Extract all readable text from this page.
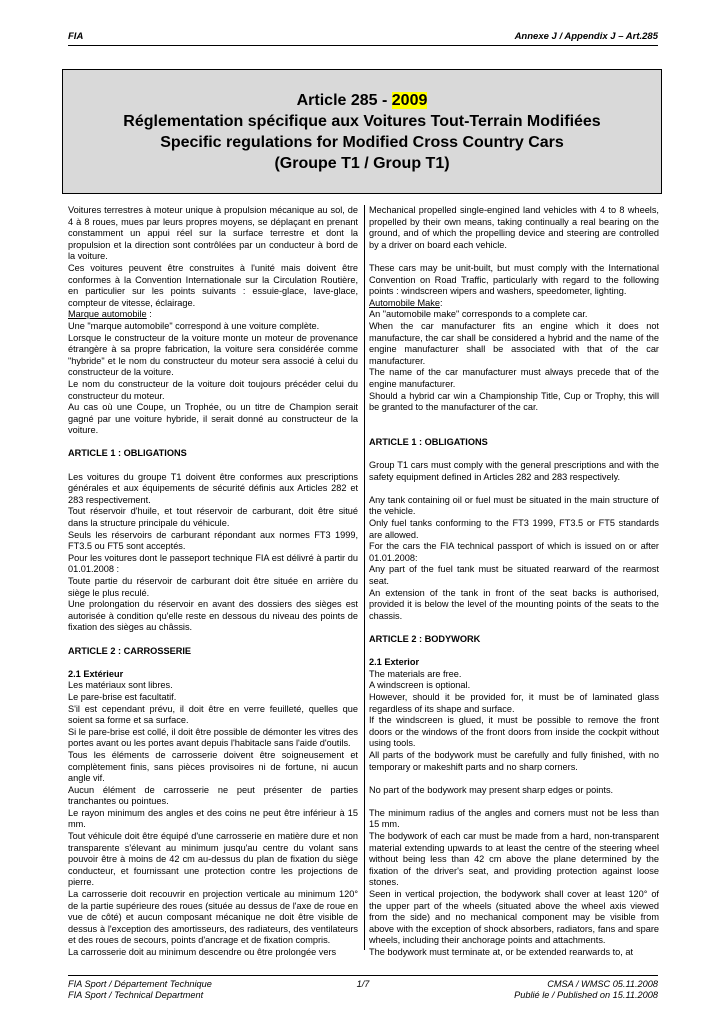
FIA	Annexe J / Appendix J – Art.285
Article 285 - 2009
Réglementation spécifique aux Voitures Tout-Terrain Modifiées
Specific regulations for Modified Cross Country Cars
(Groupe T1 / Group T1)

Voitures terrestres à moteur unique à propulsion mécanique au sol, de 4 à 8 roues, mues par leurs propres moyens, se déplaçant en prenant constamment un appui réel sur la surface terrestre et dont la propulsion et la direction sont contrôlées par un conducteur à bord de la voiture.

Ces voitures peuvent être construites à l'unité mais doivent être conformes à la Convention Internationale sur la Circulation Routière, en particulier sur les points suivants : essuie-glace, lave-glace, compteur de vitesse, éclairage.

Marque automobile :

Une "marque automobile" correspond à une voiture complète.

Lorsque le constructeur de la voiture monte un moteur de provenance étrangère à sa propre fabrication, la voiture sera considérée comme "hybride" et le nom du constructeur du moteur sera associé à celui du constructeur de la voiture.

Le nom du constructeur de la voiture doit toujours précéder celui du constructeur du moteur.

Au cas où une Coupe, un Trophée, ou un titre de Champion serait gagné par une voiture hybride, il serait donné au constructeur de la voiture.

ARTICLE 1 : OBLIGATIONS

Les voitures du groupe T1 doivent être conformes aux prescriptions générales et aux équipements de sécurité définis aux Articles 282 et 283 respectivement.

Tout réservoir d'huile, et tout réservoir de carburant, doit être situé dans la structure principale du véhicule.

Seuls les réservoirs de carburant répondant aux normes FT3 1999, FT3.5 ou FT5 sont acceptés.

Pour les voitures dont le passeport technique FIA est délivré à partir du 01.01.2008 :

Toute partie du réservoir de carburant doit être située en arrière du siège le plus reculé.

Une prolongation du réservoir en avant des dossiers des sièges est autorisée à condition qu'elle reste en dessous du niveau des points de fixation des sièges au châssis.

ARTICLE 2 : CARROSSERIE

2.1 Extérieur

Les matériaux sont libres.

Le pare-brise est facultatif.

S'il est cependant prévu, il doit être en verre feuilleté, quelles que soient sa forme et sa surface.

Si le pare-brise est collé, il doit être possible de démonter les vitres des portes avant ou les portes avant depuis l'habitacle sans l'aide d'outils.

Tous les éléments de carrosserie doivent être soigneusement et complètement finis, sans pièces provisoires ni de fortune, ni aucun angle vif.

Aucun élément de carrosserie ne peut présenter de parties tranchantes ou pointues.

Le rayon minimum des angles et des coins ne peut être inférieur à 15 mm.

Tout véhicule doit être équipé d'une carrosserie en matière dure et non transparente s'élevant au minimum jusqu'au centre du volant sans pouvoir être à moins de 42 cm au-dessus du plan de fixation du siège conducteur, et fournissant une protection contre les projections de pierre.

La carrosserie doit recouvrir en projection verticale au minimum 120° de la partie supérieure des roues (située au dessus de l'axe de roue en vue de côté) et aucun composant mécanique ne doit être visible de dessus à l'exception des amortisseurs, des radiateurs, des ventilateurs et des roues de secours, points d'ancrage et de fixation compris.

La carrosserie doit au minimum descendre ou être prolongée vers

Mechanical propelled single-engined land vehicles with 4 to 8 wheels, propelled by their own means, taking continually a real bearing on the ground, and of which the propelling device and steering are controlled by a driver on board each vehicle.

These cars may be unit-built, but must comply with the International Convention on Road Traffic, particularly with regard to the following points : windscreen wipers and washers, speedometer, lighting.

Automobile Make:

An "automobile make" corresponds to a complete car.

When the car manufacturer fits an engine which it does not manufacture, the car shall be considered a hybrid and the name of the engine manufacturer shall be associated with that of the car manufacturer.

The name of the car manufacturer must always precede that of the engine manufacturer.

Should a hybrid car win a Championship Title, Cup or Trophy, this will be granted to the manufacturer of the car.

ARTICLE 1 : OBLIGATIONS

Group T1 cars must comply with the general prescriptions and with the safety equipment defined in Articles 282 and 283 respectively.

Any tank containing oil or fuel must be situated in the main structure of the vehicle.

Only fuel tanks conforming to the FT3 1999, FT3.5 or FT5 standards are allowed.

For the cars the FIA technical passport of which is issued on or after 01.01.2008:

Any part of the fuel tank must be situated rearward of the rearmost seat.

An extension of the tank in front of the seat backs is authorised, provided it is below the level of the mounting points of the seats to the chassis.

ARTICLE 2 : BODYWORK

2.1 Exterior

The materials are free.

A windscreen is optional.

However, should it be provided for, it must be of laminated glass regardless of its shape and surface.

If the windscreen is glued, it must be possible to remove the front doors or the windows of the front doors from inside the cockpit without using tools.

All parts of the bodywork must be carefully and fully finished, with no temporary or makeshift parts and no sharp corners.

No part of the bodywork may present sharp edges or points.

The minimum radius of the angles and corners must not be less than 15 mm.

The bodywork of each car must be made from a hard, non-transparent material extending upwards to at least the centre of the steering wheel without being less than 42 cm above the plane determined by the fixation of the driver's seat, and providing protection against loose stones.

Seen in vertical projection, the bodywork shall cover at least 120° of the upper part of the wheels (situated above the wheel axis viewed from the side) and no mechanical component may be visible from above with the exception of shock absorbers, radiators, fans and spare wheels, including their anchorage points and attachments.

The bodywork must terminate at, or be extended rearwards to, at

FIA Sport / Département Technique
FIA Sport / Technical Department
1/7	CMSA / WMSC 05.11.2008
Publié le / Published on 15.11.2008
